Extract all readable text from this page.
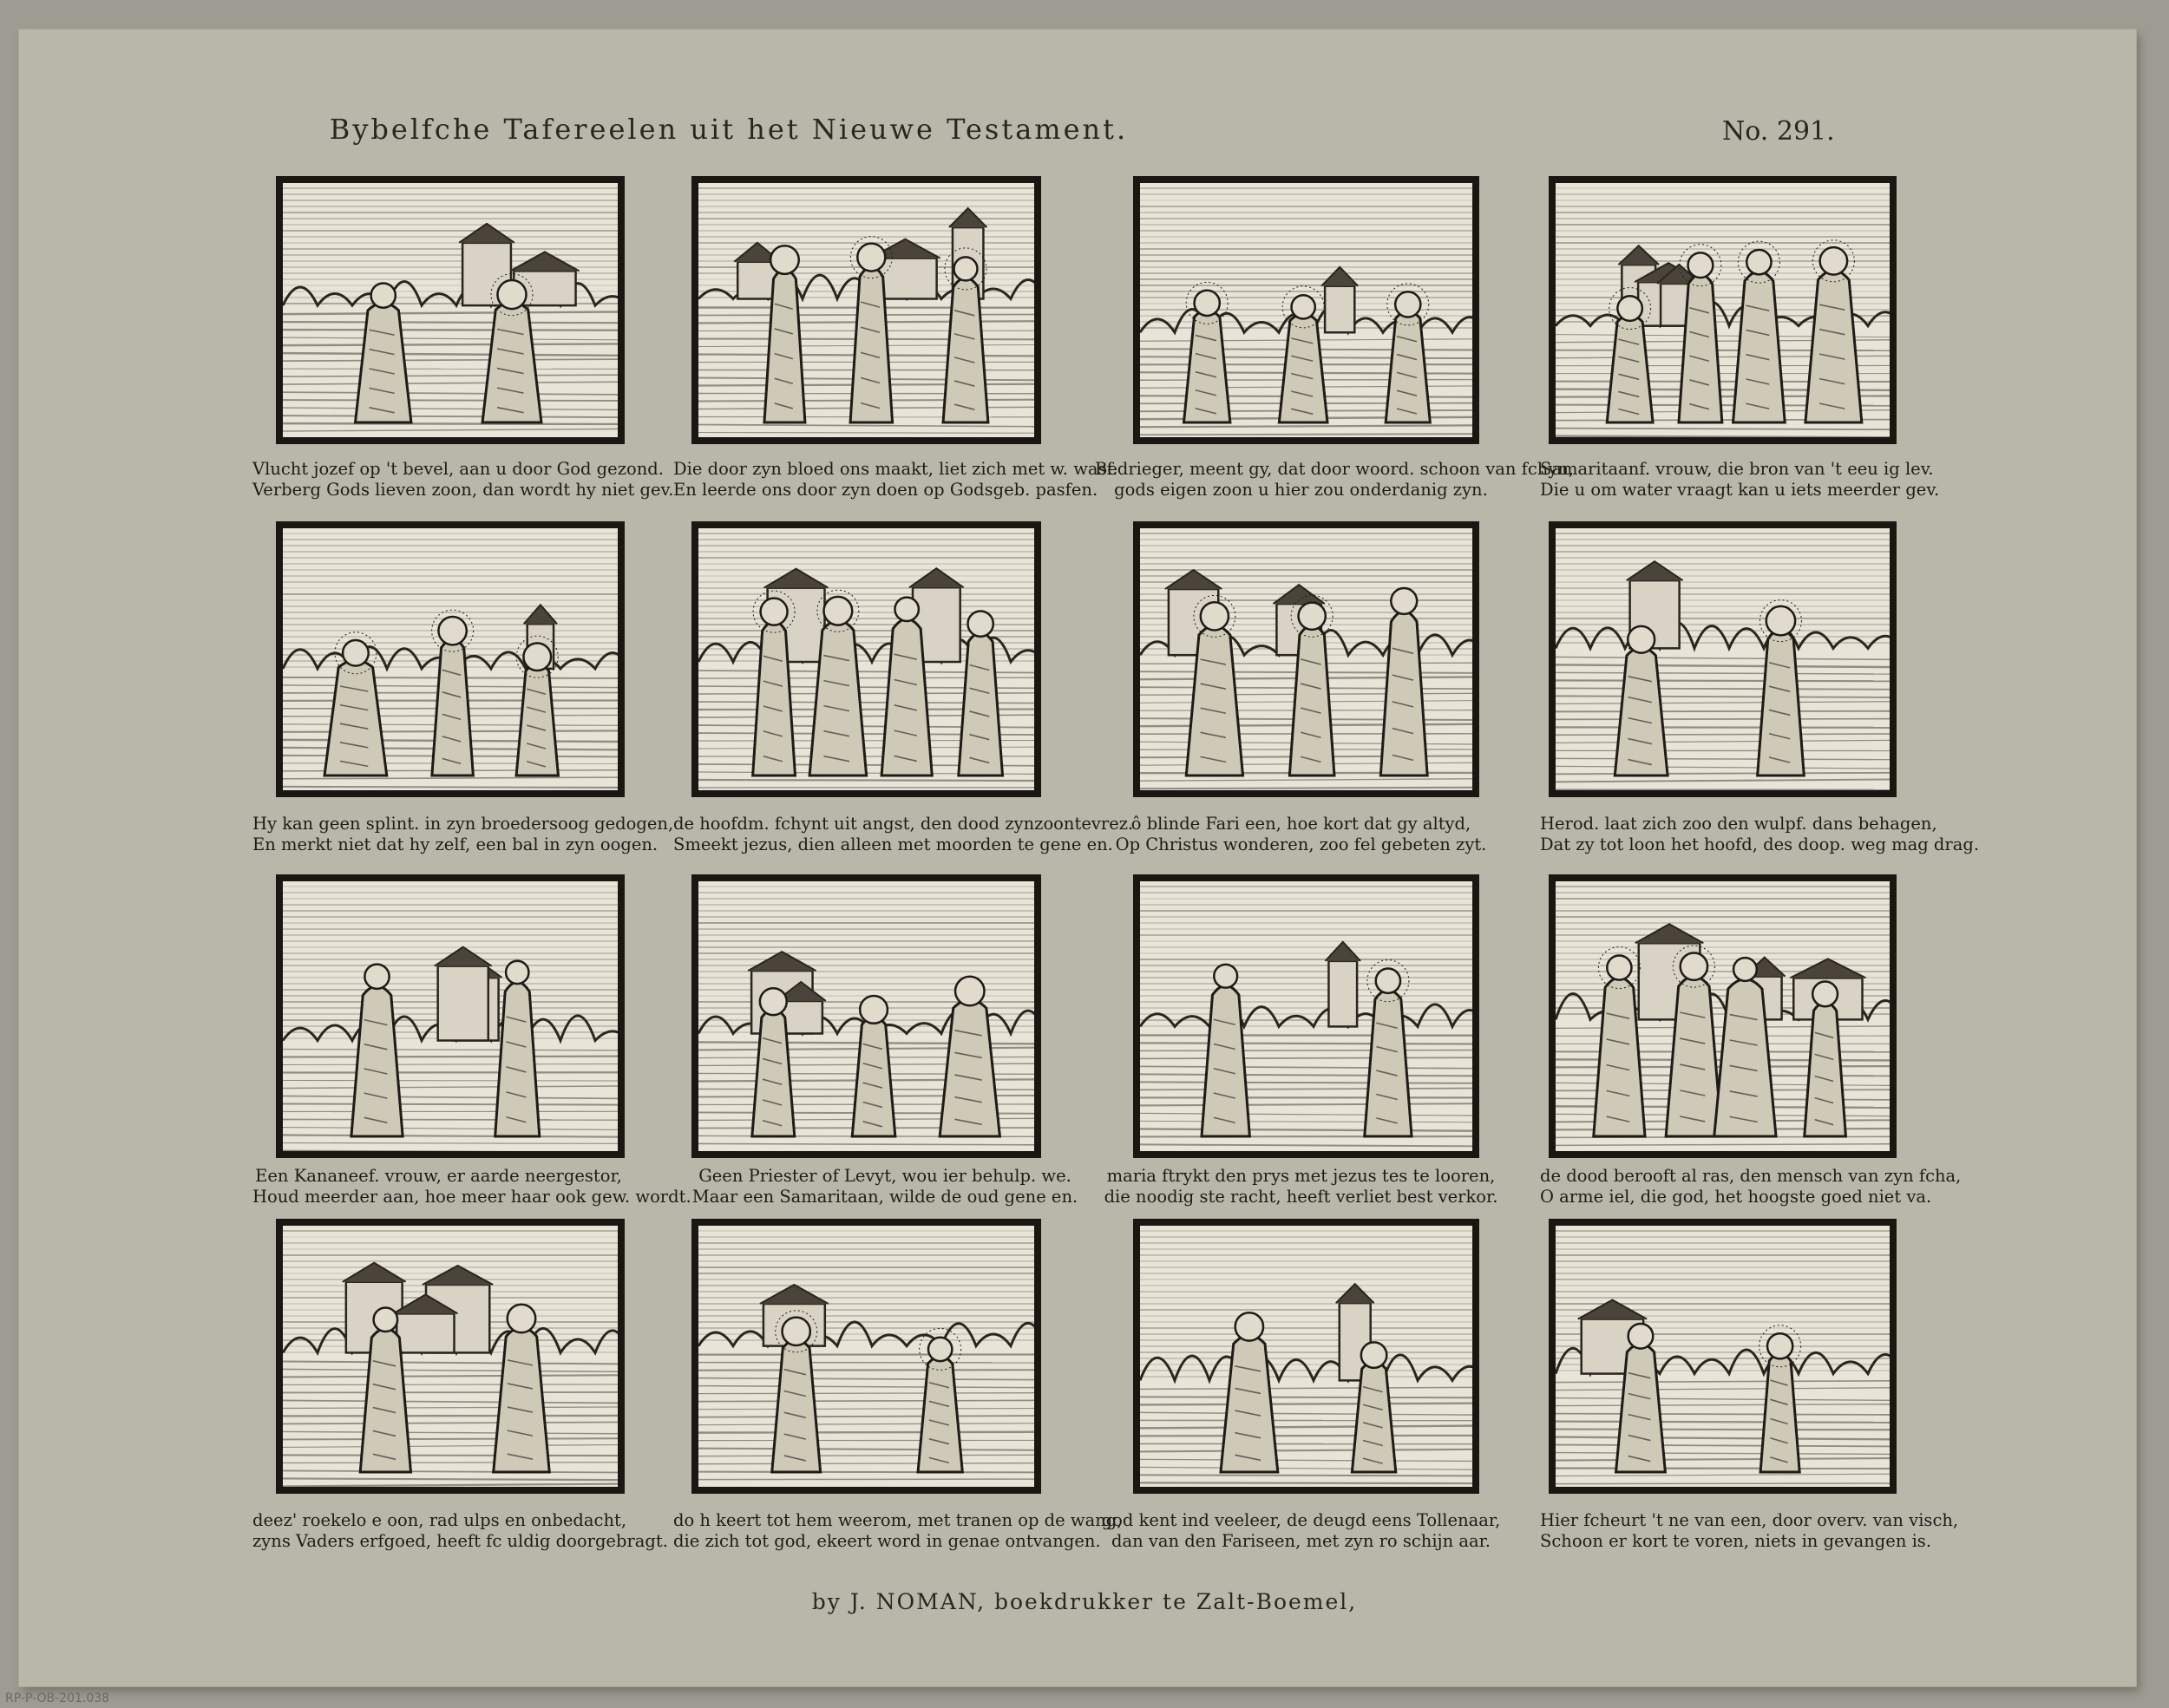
Bybelfche Tafereelen uit het Nieuwe Testament.	No. 291.
Vlucht jozef op 't bevel, aan u door God gezond.
Verberg Gods lieven zoon, dan wordt hy niet gev.
Die door zyn bloed ons maakt, liet zich met w. wasf.
En leerde ons door zyn doen op Godsgeb. pasfen.
Bedrieger, meent gy, dat door woord. schoon van fchyn,
gods eigen zoon u hier zou onderdanig zyn.
Samaritaanf. vrouw, die bron van 't eeu ig lev.
Die u om water vraagt kan u iets meerder gev.
Hy kan geen splint. in zyn broedersoog gedogen,
En merkt niet dat hy zelf, een bal in zyn oogen.
de hoofdm. fchynt uit angst, den dood zynzoontevrez.
Smeekt jezus, dien alleen met moorden te gene en.
ô blinde Fari een, hoe kort dat gy altyd,
Op Christus wonderen, zoo fel gebeten zyt.
Herod. laat zich zoo den wulpf. dans behagen,
Dat zy tot loon het hoofd, des doop. weg mag drag.
Een Kananeef. vrouw, er aarde neergestor,
Houd meerder aan, hoe meer haar ook gew. wordt.
Geen Priester of Levyt, wou ier behulp. we.
Maar een Samaritaan, wilde de oud gene en.
maria ftrykt den prys met jezus tes te looren,
die noodig ste racht, heeft verliet best verkor.
de dood berooft al ras, den mensch van zyn fcha,
O arme iel, die god, het hoogste goed niet va.
deez' roekelo e oon, rad ulps en onbedacht,
zyns Vaders erfgoed, heeft fc uldig doorgebragt.
do h keert tot hem weerom, met tranen op de wang,
die zich tot god, ekeert word in genae ontvangen.
god kent ind veeleer, de deugd eens Tollenaar,
dan van den Fariseen, met zyn ro schijn aar.
Hier fcheurt 't ne van een, door overv. van visch,
Schoon er kort te voren, niets in gevangen is.
by J. NOMAN, boekdrukker te Zalt-Boemel,
RP-P-OB-201.038
